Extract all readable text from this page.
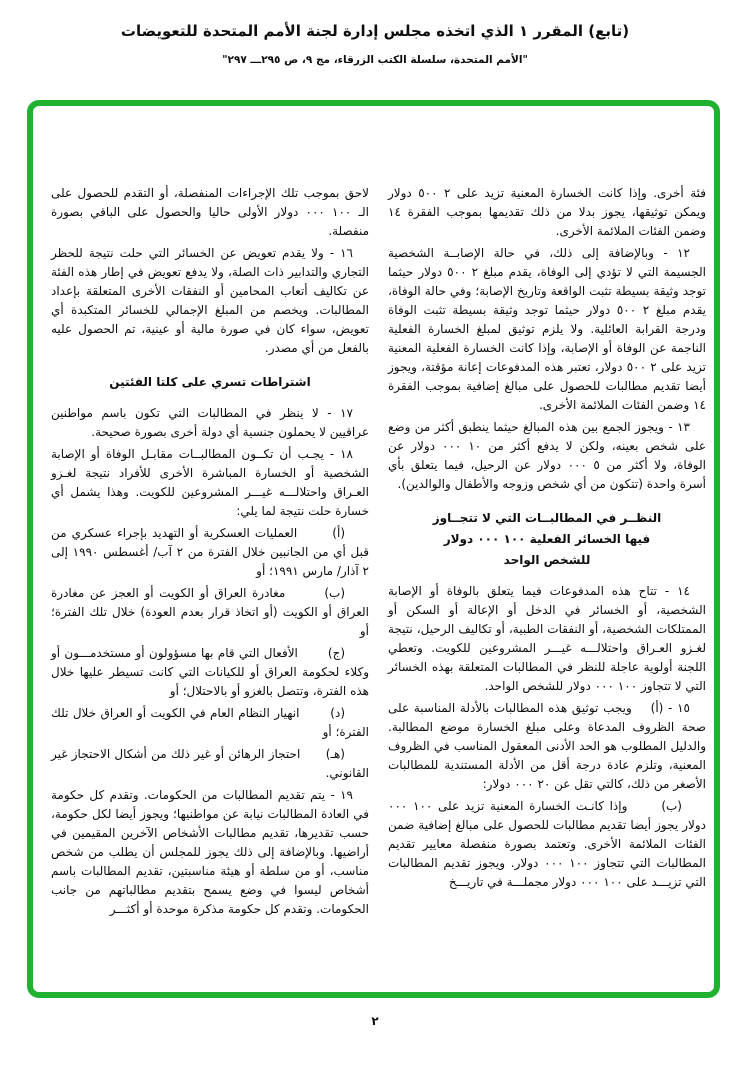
(تابع) المقرر ١ الذي اتخذه مجلس إدارة لجنة الأمم المتحدة للتعويضات
"الأمم المتحدة، سلسلة الكتب الزرقاء، مج ٩، ص ٢٩٥ـــ ٢٩٧"

فئة أخرى. وإذا كانت الخسارة المعنية تزيد على ٢ ٥٠٠ دولار ويمكن توثيقها، يجوز بدلا من ذلك تقديمها بموجب الفقرة ١٤ وضمن الفئات الملائمة الأخرى.

١٢ - وبالإضافة إلى ذلك، في حالة الإصابــة الشخصية الجسيمة التي لا تؤدي إلى الوفاة، يقدم مبلغ ٢ ٥٠٠ دولار حيثما توجد وثيقة بسيطة تثبت الواقعة وتاريخ الإصابة؛ وفي حالة الوفاة، يقدم مبلغ ٢ ٥٠٠ دولار حيثما توجد وثيقة بسيطة تثبت الوفاة ودرجة القرابة العائلية. ولا يلزم توثيق لمبلغ الخسارة الفعلية الناجمة عن الوفاة أو الإصابة، وإذا كانت الخسارة الفعلية المعنية تزيد على ٢ ٥٠٠ دولار، تعتبر هذه المدفوعات إعانة مؤقتة، ويجوز أيضا تقديم مطالبات للحصول على مبالغ إضافية بموجب الفقرة ١٤ وضمن الفئات الملائمة الأخرى.

١٣ - ويجوز الجمع بين هذه المبالغ حيثما ينطبق أكثر من وضع على شخص بعينه، ولكن لا يدفع أكثر من ١٠ ٠٠٠ دولار عن الوفاة، ولا أكثر من ٥ ٠٠٠ دولار عن الرحيل، فيما يتعلق بأي أسرة واحدة (تتكون من أي شخص وزوجه والأطفال والوالدين).

النظــر في المطالبــات التي لا تتجــاوز
فيها الخسائر الفعلية ١٠٠ ٠٠٠ دولار
للشخص الواحد

١٤ - تتاح هذه المدفوعات فيما يتعلق بالوفاة أو الإصابة الشخصية، أو الخسائر في الدخل أو الإعالة أو السكن أو الممتلكات الشخصية، أو النفقات الطبية، أو تكاليف الرحيل، نتيجة لغـزو العـراق واحتلالـــه غيـــر المشروعين للكويت. وتعطي اللجنة أولوية عاجلة للنظر في المطالبات المتعلقة بهذه الخسائر التي لا تتجاوز ١٠٠ ٠٠٠ دولار للشخص الواحد.

١٥ - (أ)    ويجب توثيق هذه المطالبات بالأدلة المناسبة على صحة الظروف المدعاة وعلى مبلغ الخسارة موضع المطالبة. والدليل المطلوب هو الحد الأدنى المعقول المناسب في الظروف المعنية، وتلزم عادة درجة أقل من الأدلة المستندية للمطالبات الأصغر من ذلك، كالتي تقل عن ٢٠ ٠٠٠ دولار:

(ب)      وإذا كانـت الخسارة المعنية تزيد على ١٠٠ ٠٠٠ دولار يجوز أيضا تقديم مطالبات للحصول على مبالغ إضافية ضمن الفئات الملائمة الأخرى. وتعتمد بصورة منفصلة معايير تقديم المطالبات التي تتجاوز ١٠٠ ٠٠٠ دولار. ويجوز تقديم المطالبات التي تزيـــد على ١٠٠ ٠٠٠ دولار مجملـــة في تاريـــخ

لاحق بموجب تلك الإجراءات المنفصلة، أو التقدم للحصول على الـ ١٠٠ ٠٠٠ دولار الأولى حاليا والحصول على الباقي بصورة منفصلة.

١٦ - ولا يقدم تعويض عن الخسائر التي حلت نتيجة للحظر التجاري والتدابير ذات الصلة، ولا يدفع تعويض في إطار هذه الفئة عن تكاليف أتعاب المحامين أو النفقات الأخرى المتعلقة بإعداد المطالبات. ويخصم من المبلغ الإجمالي للخسائر المتكبدة أي تعويض، سواء كان في صورة مالية أو عينية، تم الحصول عليه بالفعل من أي مصدر.

اشتراطات تسري على كلتا الفئتين

١٧ - لا ينظر في المطالبات التي تكون باسم مواطنين عراقيين لا يحملون جنسية أي دولة أخرى بصورة صحيحة.

١٨ - يجـب أن تكــون المطالبــات مقابـل الوفاة أو الإصابة الشخصية أو الخسارة المباشرة الأخرى للأفراد نتيجة لغـزو العـراق واحتلالـــه غيـــر المشروعين للكويت. وهذا يشمل أي خسارة حلت نتيجة لما يلي:

(أ)       العمليات العسكرية أو التهديد بإجراء عسكري من قبل أي من الجانبين خلال الفترة من ٢ آب/ أغسطس ١٩٩٠ إلى ٢ آذار/ مارس ١٩٩١؛ أو

(ب)       مغادرة العراق أو الكويت أو العجز عن مغادرة العراق أو الكويت (أو اتخاذ قرار بعدم العودة) خلال تلك الفترة؛ أو

(ج)       الأفعال التي قام بها مسؤولون أو مستخدمـــون أو وكلاء لحكومة العراق أو للكيانات التي كانت تسيطر عليها خلال هذه الفترة، وتتصل بالغزو أو بالاحتلال؛ أو

(د)       انهيار النظام العام في الكويت أو العراق خلال تلك الفترة؛ أو

(هـ)      احتجاز الرهائن أو غير ذلك من أشكال الاحتجاز غير القانوني.

١٩ - يتم تقديم المطالبات من الحكومات. وتقدم كل حكومة في العادة المطالبات نيابة عن مواطنيها؛ ويجوز أيضا لكل حكومة، حسب تقديرها، تقديم مطالبات الأشخاص الآخرين المقيمين في أراضيها. وبالإضافة إلى ذلك يجوز للمجلس أن يطلب من شخص مناسب، أو من سلطة أو هيئة مناسبتين، تقديم المطالبات باسم أشخاص ليسوا في وضع يسمح بتقديم مطالباتهم من جانب الحكومات. وتقدم كل حكومة مذكرة موحدة أو أكثـــر

٢
